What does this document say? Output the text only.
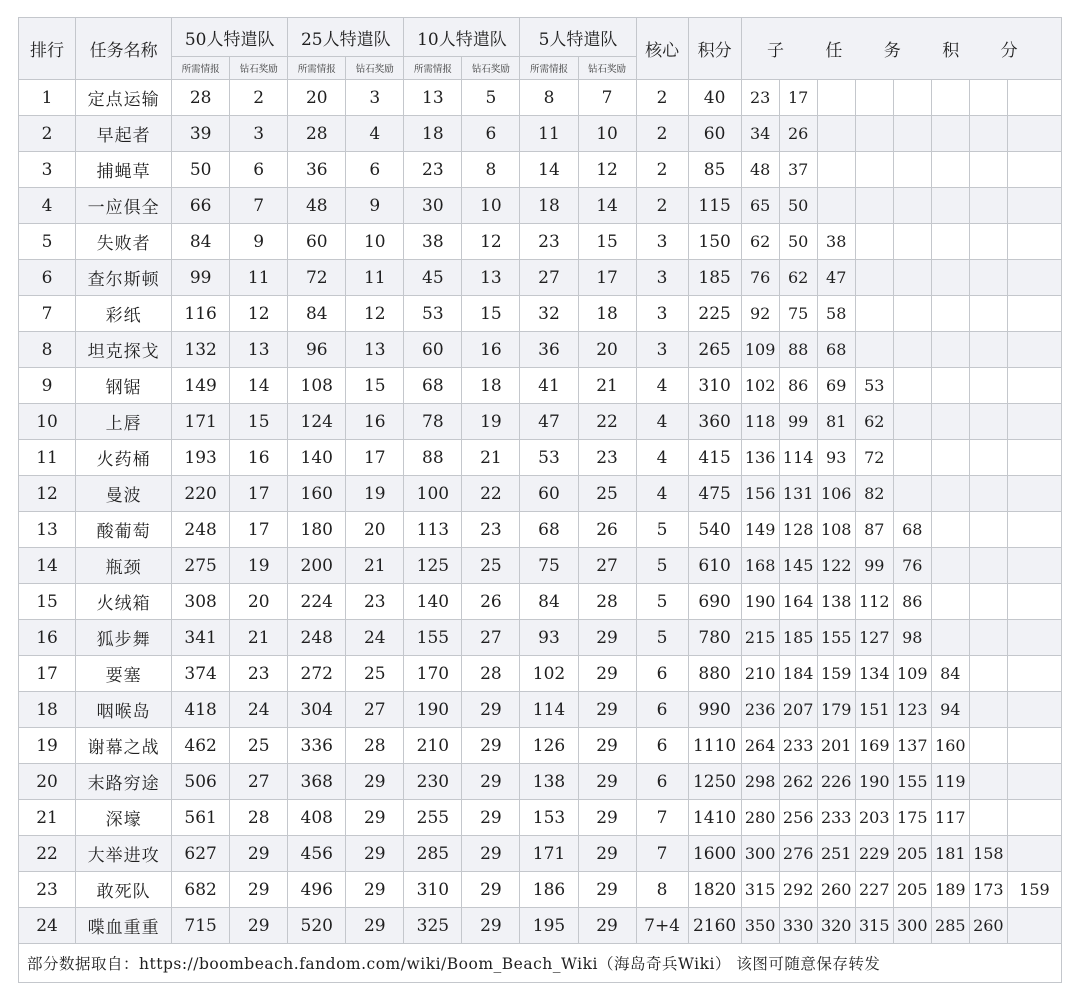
排行	任务名称	50人特遣队		25人特遣队		10人特遣队		5人特遣队		核心	积分	子 任 务 积 分							
		所需情报	钻石奖励	所需情报	钻石奖励	所需情报	钻石奖励	所需情报	钻石奖励										
1	定点运输	28	2	20	3	13	5	8	7	2	40	23	17						
2	早起者	39	3	28	4	18	6	11	10	2	60	34	26						
3	捕蝇草	50	6	36	6	23	8	14	12	2	85	48	37						
4	一应俱全	66	7	48	9	30	10	18	14	2	115	65	50						
5	失败者	84	9	60	10	38	12	23	15	3	150	62	50	38					
6	查尔斯顿	99	11	72	11	45	13	27	17	3	185	76	62	47					
7	彩纸	116	12	84	12	53	15	32	18	3	225	92	75	58					
8	坦克探戈	132	13	96	13	60	16	36	20	3	265	109	88	68					
9	钢锯	149	14	108	15	68	18	41	21	4	310	102	86	69	53				
10	上唇	171	15	124	16	78	19	47	22	4	360	118	99	81	62				
11	火药桶	193	16	140	17	88	21	53	23	4	415	136	114	93	72				
12	曼波	220	17	160	19	100	22	60	25	4	475	156	131	106	82				
13	酸葡萄	248	17	180	20	113	23	68	26	5	540	149	128	108	87	68			
14	瓶颈	275	19	200	21	125	25	75	27	5	610	168	145	122	99	76			
15	火绒箱	308	20	224	23	140	26	84	28	5	690	190	164	138	112	86			
16	狐步舞	341	21	248	24	155	27	93	29	5	780	215	185	155	127	98			
17	要塞	374	23	272	25	170	28	102	29	6	880	210	184	159	134	109	84		
18	咽喉岛	418	24	304	27	190	29	114	29	6	990	236	207	179	151	123	94		
19	谢幕之战	462	25	336	28	210	29	126	29	6	1110	264	233	201	169	137	160		
20	末路穷途	506	27	368	29	230	29	138	29	6	1250	298	262	226	190	155	119		
21	深壕	561	28	408	29	255	29	153	29	7	1410	280	256	233	203	175	117		
22	大举进攻	627	29	456	29	285	29	171	29	7	1600	300	276	251	229	205	181	158	
23	敢死队	682	29	496	29	310	29	186	29	8	1820	315	292	260	227	205	189	173	159
24	喋血重重	715	29	520	29	325	29	195	29	7+4	2160	350	330	320	315	300	285	260	
部分数据取自：https://boombeach.fandom.com/wiki/Boom_Beach_Wiki（海岛奇兵Wiki） 该图可随意保存转发																			
